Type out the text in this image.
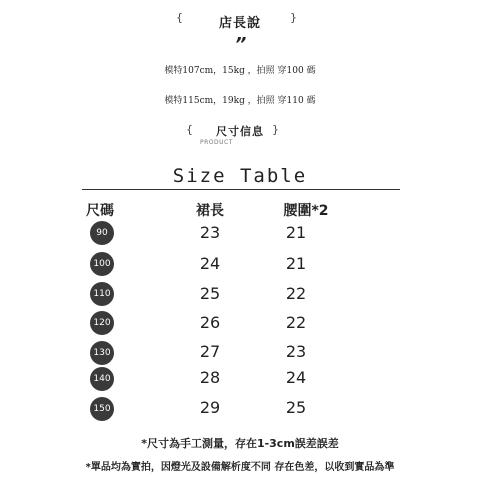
{	店長說	}
”
模特107cm，15kg ，拍照 穿100 碼
模特115cm，19kg ，拍照 穿110 碼
{	尺寸信息 }
PRODUCT
Size Table
尺碼	裙長	腰圍*2
90	23	21
100	24	21
110	25	22
120	26	22
130	27	23
140	28	24
150	29	25
*尺寸為手工測量，存在1-3cm誤差誤差
*單品均為實拍，因燈光及設備解析度不同 存在色差，以收到實品為準
